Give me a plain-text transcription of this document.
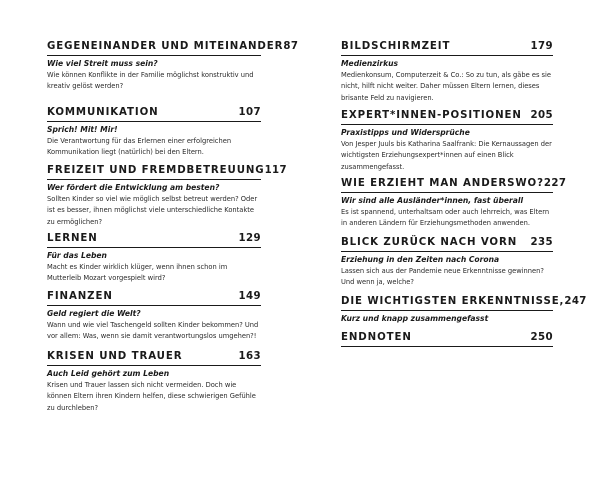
GEGENEINANDER UND MITEINANDER 87
Wie viel Streit muss sein?
Wie können Konflikte in der Familie möglichst konstruktiv und kreativ gelöst werden?
KOMMUNIKATION	107
Sprich! Mit! Mir!
Die Verantwortung für das Erlernen einer erfolgreichen Kommunikation liegt (natürlich) bei den Eltern.
FREIZEIT UND FREMDBETREUUNG 117
Wer fördert die Entwicklung am besten?
Sollten Kinder so viel wie möglich selbst betreut werden? Oder ist es besser, ihnen möglichst viele unterschiedliche Kontakte zu ermöglichen?
LERNEN	129
Für das Leben
Macht es Kinder wirklich klüger, wenn ihnen schon im Mutterleib Mozart vorgespielt wird?
FINANZEN	149
Geld regiert die Welt?
Wann und wie viel Taschengeld sollten Kinder bekommen? Und vor allem: Was, wenn sie damit verantwortungslos umgehen?!
KRISEN UND TRAUER	163
Auch Leid gehört zum Leben
Krisen und Trauer lassen sich nicht vermeiden. Doch wie können Eltern ihren Kindern helfen, diese schwierigen Gefühle zu durchleben?
BILDSCHIRMZEIT	179
Medienzirkus
Medienkonsum, Computerzeit & Co.: So zu tun, als gäbe es sie nicht, hilft nicht weiter. Daher müssen Eltern lernen, dieses brisante Feld zu navigieren.
EXPERT*INNEN-POSITIONEN 205
Praxistipps und Widersprüche
Von Jesper Juuls bis Katharina Saalfrank: Die Kernaussagen der wichtigsten Erziehungsexpert*innen auf einen Blick zusammengefasst.
WIE ERZIEHT MAN ANDERSWO? 227
Wir sind alle Ausländer*innen, fast überall
Es ist spannend, unterhaltsam oder auch lehrreich, was Eltern in anderen Ländern für Erziehungsmethoden anwenden.
BLICK ZURÜCK NACH VORN 235
Erziehung in den Zeiten nach Corona
Lassen sich aus der Pandemie neue Erkenntnisse gewinnen? Und wenn ja, welche?
DIE WICHTIGSTEN ERKENNTNISSE, 247
Kurz und knapp zusammengefasst
ENDNOTEN	250
